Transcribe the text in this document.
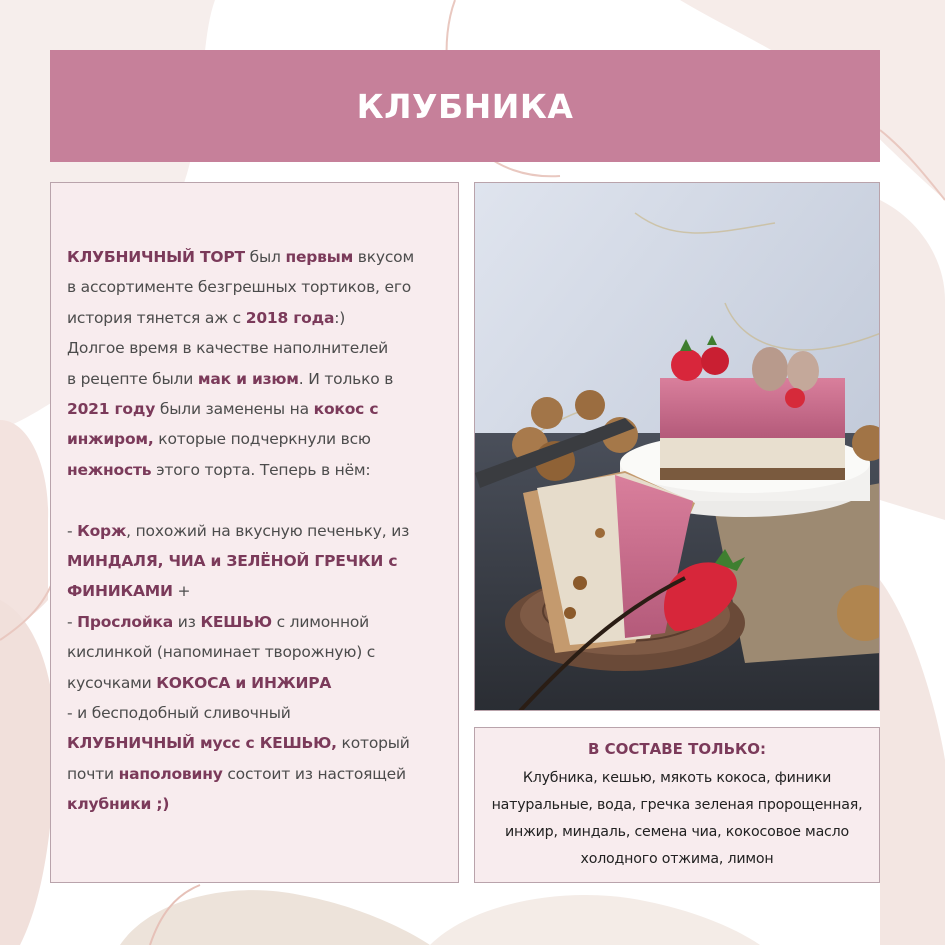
КЛУБНИКА
КЛУБНИЧНЫЙ ТОРТ был первым вкусом
в ассортименте безгрешных тортиков, его
история тянется аж с 2018 года:)
Долгое время в качестве наполнителей
в рецепте были мак и изюм. И только в
2021 году были заменены на кокос с
инжиром, которые подчеркнули всю
нежность этого торта. Теперь в нём:
- Корж, похожий на вкусную печеньку, из
МИНДАЛЯ, ЧИА и ЗЕЛЁНОЙ ГРЕЧКИ с
ФИНИКАМИ +
- Прослойка из КЕШЬЮ с лимонной
кислинкой (напоминает творожную) с
кусочками КОКОСА и ИНЖИРА
- и бесподобный сливочный
КЛУБНИЧНЫЙ мусс с КЕШЬЮ, который
почти наполовину состоит из настоящей
клубники ;)
В СОСТАВЕ ТОЛЬКО:
Клубника, кешью, мякоть кокоса, финики
натуральные, вода, гречка зеленая пророщенная,
инжир, миндаль, семена чиа, кокосовое масло
холодного отжима, лимон
